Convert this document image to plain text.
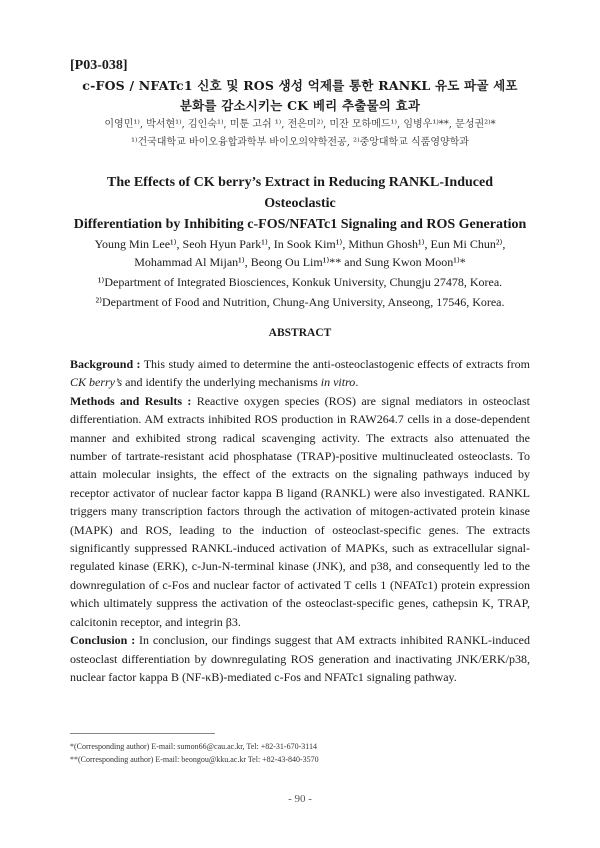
[P03-038]

c-FOS / NFATc1 신호 및 ROS 생성 억제를 통한 RANKL 유도 파골 세포

분화를 감소시키는 CK 베리 추출물의 효과

이영민¹⁾, 박서현¹⁾, 김인숙¹⁾, 미툰 고쉬 ¹⁾, 전은미²⁾, 미잔 모하메드¹⁾, 임병우¹⁾**, 문성권²⁾*

¹⁾건국대학교 바이오융합과학부 바이오의약학전공, ²⁾중앙대학교 식품영양학과

The Effects of CK berry’s Extract in Reducing RANKL-Induced Osteoclastic

Differentiation by Inhibiting c-FOS/NFATc1 Signaling and ROS Generation

Young Min Lee¹⁾, Seoh Hyun Park¹⁾, In Sook Kim¹⁾, Mithun Ghosh¹⁾, Eun Mi Chun²⁾,

Mohammad Al Mijan¹⁾, Beong Ou Lim¹⁾** and Sung Kwon Moon¹⁾*

¹⁾Department of Integrated Biosciences, Konkuk University, Chungju 27478, Korea.

²⁾Department of Food and Nutrition, Chung-Ang University, Anseong, 17546, Korea.

ABSTRACT

Background : This study aimed to determine the anti-osteoclastogenic effects of extracts from CK berry’s and identify the underlying mechanisms in vitro.
Methods and Results : Reactive oxygen species (ROS) are signal mediators in osteoclast differentiation. AM extracts inhibited ROS production in RAW264.7 cells in a dose-dependent manner and exhibited strong radical scavenging activity. The extracts also attenuated the number of tartrate-resistant acid phosphatase (TRAP)-positive multinucleated osteoclasts. To attain molecular insights, the effect of the extracts on the signaling pathways induced by receptor activator of nuclear factor kappa B ligand (RANKL) were also investigated. RANKL triggers many transcription factors through the activation of mitogen-activated protein kinase (MAPK) and ROS, leading to the induction of osteoclast-specific genes. The extracts significantly suppressed RANKL-induced activation of MAPKs, such as extracellular signal-regulated kinase (ERK), c-Jun-N-terminal kinase (JNK), and p38, and consequently led to the downregulation of c-Fos and nuclear factor of activated T cells 1 (NFATc1) protein expression which ultimately suppress the activation of the osteoclast-specific genes, cathepsin K, TRAP, calcitonin receptor, and integrin β3.
Conclusion : In conclusion, our findings suggest that AM extracts inhibited RANKL-induced osteoclast differentiation by downregulating ROS generation and inactivating JNK/ERK/p38, nuclear factor kappa B (NF-κB)-mediated c-Fos and NFATc1 signaling pathway.

*(Corresponding author) E-mail: sumon66@cau.ac.kr, Tel: +82-31-670-3114
**(Corresponding author) E-mail: beongou@kku.ac.kr Tel: +82-43-840-3570
- 90 -
